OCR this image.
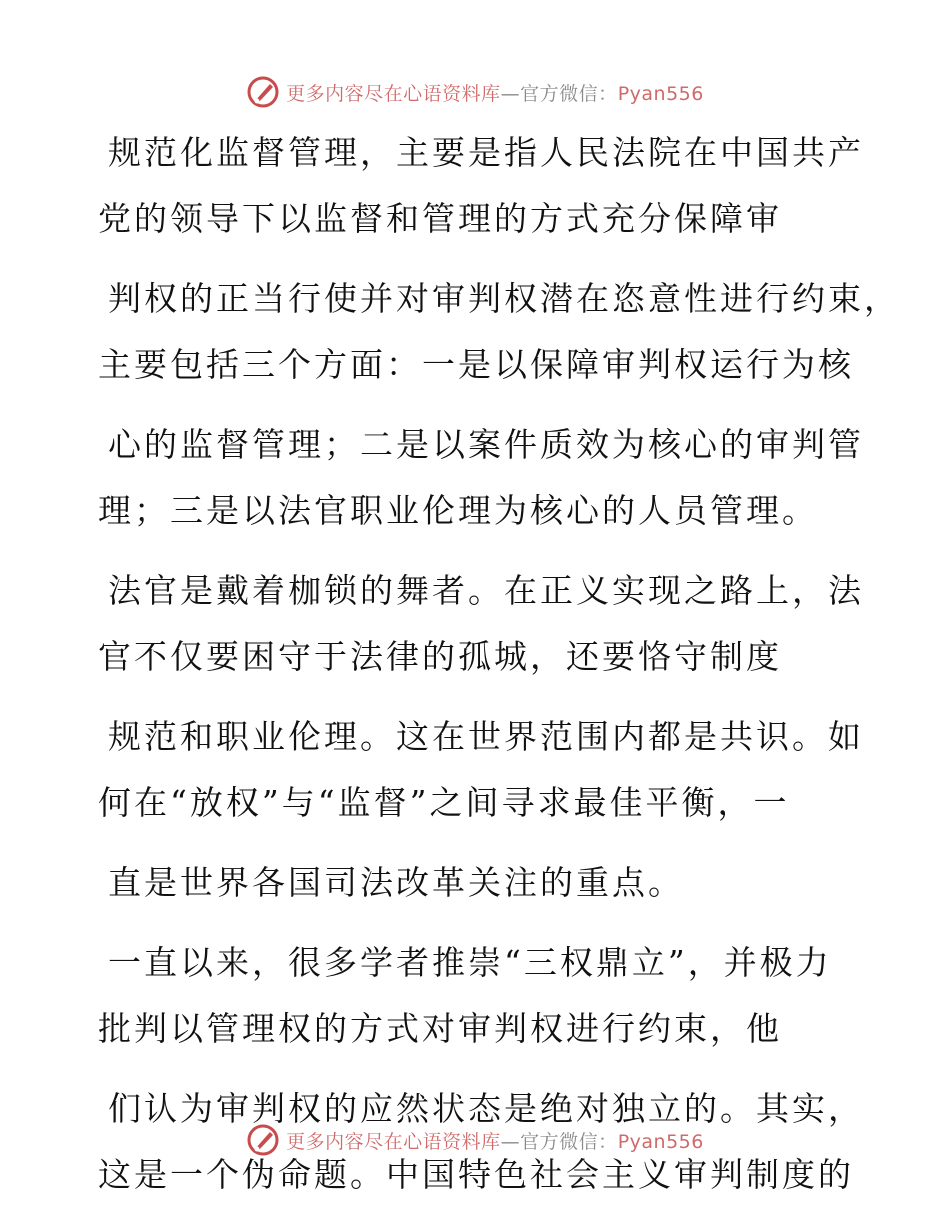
更多内容尽在心语资料库—官方微信：Pyan556
规范化监督管理，主要是指人民法院在中国共产
党的领导下以监督和管理的方式充分保障审
判权的正当行使并对审判权潜在恣意性进行约束，
主要包括三个方面：一是以保障审判权运行为核
心的监督管理；二是以案件质效为核心的审判管
理；三是以法官职业伦理为核心的人员管理。
法官是戴着枷锁的舞者。在正义实现之路上，法
官不仅要困守于法律的孤城，还要恪守制度
规范和职业伦理。这在世界范围内都是共识。如
何在“放权”与“监督”之间寻求最佳平衡，一
直是世界各国司法改革关注的重点。
一直以来，很多学者推崇“三权鼎立”，并极力
批判以管理权的方式对审判权进行约束，他
们认为审判权的应然状态是绝对独立的。其实，
这是一个伪命题。中国特色社会主义审判制度的
更多内容尽在心语资料库—官方微信：Pyan556
